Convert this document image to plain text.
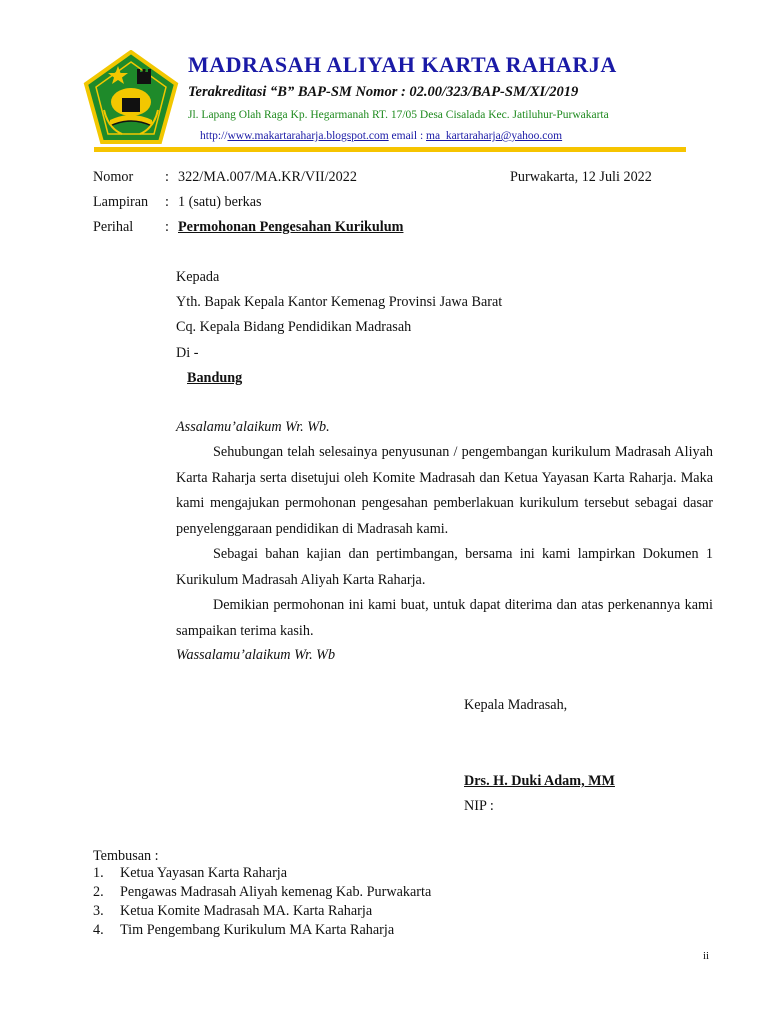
MADRASAH ALIYAH KARTA RAHARJA
Terakreditasi “B” BAP-SM Nomor : 02.00/323/BAP-SM/XI/2019
Jl. Lapang Olah Raga Kp. Hegarmanah RT. 17/05 Desa Cisalada Kec. Jatiluhur-Purwakarta
http://www.makartaraharja.blogspot.com email : ma_kartaraharja@yahoo.com
Nomor : 322/MA.007/MA.KR/VII/2022	Purwakarta, 12 Juli 2022
Lampiran : 1 (satu) berkas
Perihal : Permohonan Pengesahan Kurikulum
Kepada
Yth. Bapak Kepala Kantor Kemenag Provinsi Jawa Barat
Cq. Kepala Bidang Pendidikan Madrasah
Di -
Bandung
Assalamu’alaikum Wr. Wb.

Sehubungan telah selesainya penyusunan / pengembangan kurikulum Madrasah Aliyah Karta Raharja serta disetujui oleh Komite Madrasah dan Ketua Yayasan Karta Raharja. Maka kami mengajukan permohonan pengesahan pemberlakuan kurikulum tersebut sebagai dasar penyelenggaraan pendidikan di Madrasah kami.

Sebagai bahan kajian dan pertimbangan, bersama ini kami lampirkan Dokumen 1 Kurikulum Madrasah Aliyah Karta Raharja.

Demikian permohonan ini kami buat, untuk dapat diterima dan atas perkenannya kami sampaikan terima kasih.

Wassalamu’alaikum Wr. Wb
Kepala Madrasah,
Drs. H. Duki Adam, MM
NIP :
Tembusan :
1. Ketua Yayasan Karta Raharja
2. Pengawas Madrasah Aliyah kemenag Kab. Purwakarta
3. Ketua Komite Madrasah MA. Karta Raharja
4. Tim Pengembang Kurikulum MA Karta Raharja
ii
